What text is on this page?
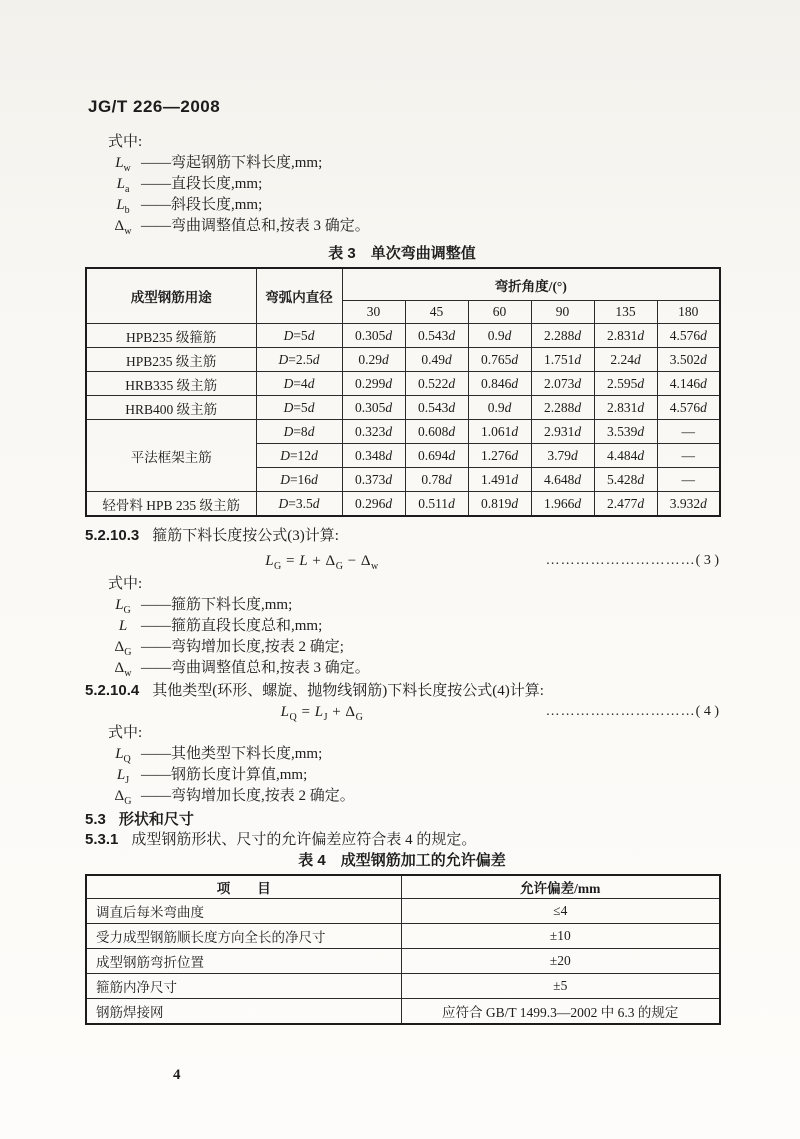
JG/T 226—2008
式中:
$L_w$ ——弯起钢筋下料长度,mm;
$L_a$ ——直段长度,mm;
$L_b$ ——斜段长度,mm;
$\Delta_w$ ——弯曲调整值总和,按表 3 确定。
表 3　单次弯曲调整值
成型钢筋用途	弯弧内直径	弯折角度/(°)					
		30	45	60	90	135	180
HPB235 级箍筋	D=5d	0.305d	0.543d	0.9d	2.288d	2.831d	4.576d
HPB235 级主筋	D=2.5d	0.29d	0.49d	0.765d	1.751d	2.24d	3.502d
HRB335 级主筋	D=4d	0.299d	0.522d	0.846d	2.073d	2.595d	4.146d
HRB400 级主筋	D=5d	0.305d	0.543d	0.9d	2.288d	2.831d	4.576d
平法框架主筋	D=8d	0.323d	0.608d	1.061d	2.931d	3.539d	—
	D=12d	0.348d	0.694d	1.276d	3.79d	4.484d	—
	D=16d	0.373d	0.78d	1.491d	4.648d	5.428d	—
轻骨料 HPB 235 级主筋	D=3.5d	0.296d	0.511d	0.819d	1.966d	2.477d	3.932d
5.2.10.3 箍筋下料长度按公式(3)计算:
$L_G = L + \Delta_G - \Delta_w$	…………………………( 3 )
式中:
$L_G$ ——箍筋下料长度,mm;
L ——箍筋直段长度总和,mm;
$\Delta_G$ ——弯钩增加长度,按表 2 确定;
$\Delta_w$ ——弯曲调整值总和,按表 3 确定。
5.2.10.4 其他类型(环形、螺旋、抛物线钢筋)下料长度按公式(4)计算:
$L_Q = L_J + \Delta_G$	…………………………( 4 )
式中:
$L_Q$ ——其他类型下料长度,mm;
$L_J$ ——钢筋长度计算值,mm;
$\Delta_G$ ——弯钩增加长度,按表 2 确定。
5.3 形状和尺寸
5.3.1 成型钢筋形状、尺寸的允许偏差应符合表 4 的规定。
表 4　成型钢筋加工的允许偏差
项　　目	允许偏差/mm
调直后每米弯曲度	≤4
受力成型钢筋顺长度方向全长的净尺寸	±10
成型钢筋弯折位置	±20
箍筋内净尺寸	±5
钢筋焊接网	应符合 GB/T 1499.3—2002 中 6.3 的规定
4
